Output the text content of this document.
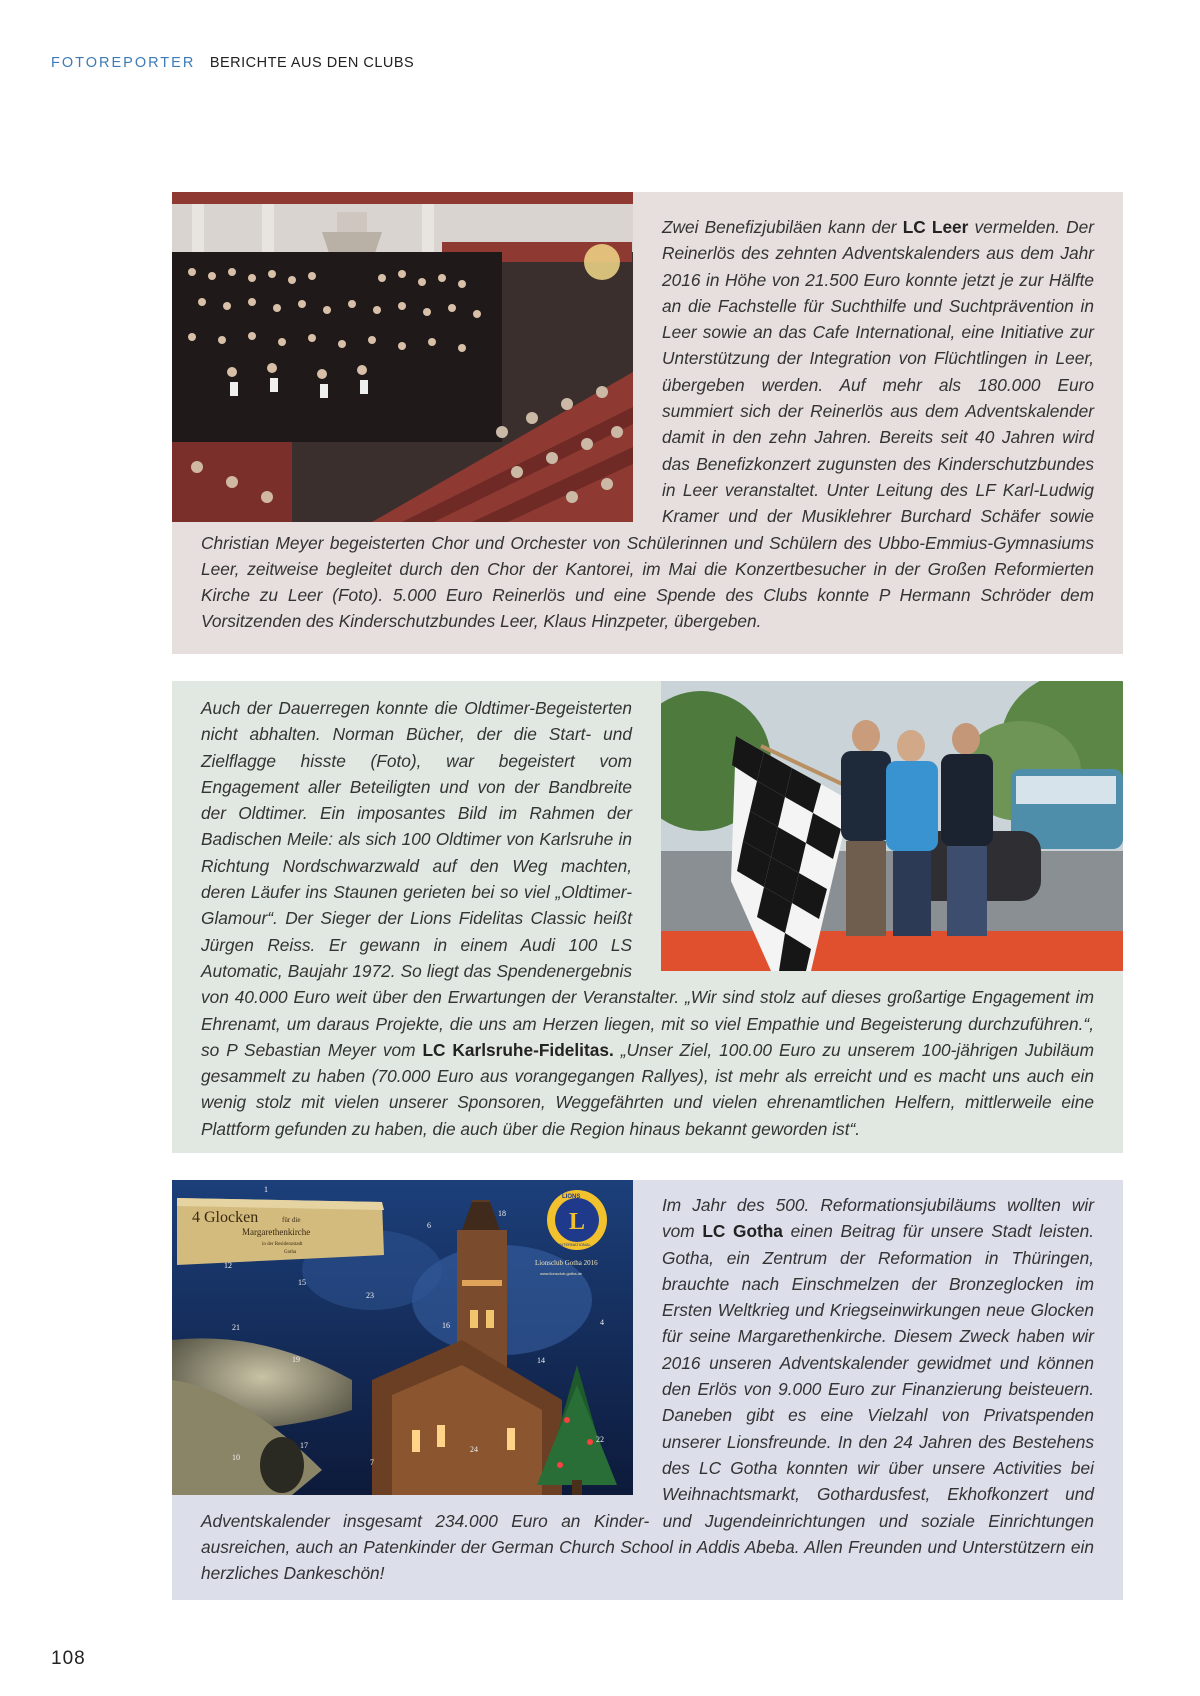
FOTOREPORTER BERICHTE AUS DEN CLUBS

Zwei Benefizjubiläen kann der LC Leer vermelden. Der Reinerlös des zehnten Adventskalenders aus dem Jahr 2016 in Höhe von 21.500 Euro konnte jetzt je zur Hälfte an die Fachstelle für Suchthilfe und Suchtprävention in Leer sowie an das Cafe International, eine Initiative zur Unterstützung der Integration von Flüchtlingen in Leer, übergeben werden. Auf mehr als 180.000 Euro summiert sich der Reinerlös aus dem Adventskalender damit in den zehn Jahren. Bereits seit 40 Jahren wird das Benefizkonzert zugunsten des Kinderschutzbundes in Leer veranstaltet. Unter Leitung des LF Karl-Ludwig Kramer und der Musiklehrer Burchard Schäfer sowie Christian Meyer begeisterten Chor und Orchester von Schülerinnen und Schülern des Ubbo-Emmius-Gymnasiums Leer, zeitweise begleitet durch den Chor der Kantorei, im Mai die Konzertbesucher in der Großen Reformierten Kirche zu Leer (Foto). 5.000 Euro Reinerlös und eine Spende des Clubs konnte P Hermann Schröder dem Vorsitzenden des Kinderschutzbundes Leer, Klaus Hinzpeter, übergeben.

Auch der Dauerregen konnte die Oldtimer-Begeisterten nicht abhalten. Norman Bücher, der die Start- und Zielflagge hisste (Foto), war begeistert vom Engagement aller Beteiligten und von der Bandbreite der Oldtimer. Ein imposantes Bild im Rahmen der Badischen Meile: als sich 100 Oldtimer von Karlsruhe in Richtung Nordschwarzwald auf den Weg machten, deren Läufer ins Staunen gerieten bei so viel „Oldtimer-Glamour“. Der Sieger der Lions Fidelitas Classic heißt Jürgen Reiss. Er gewann in einem Audi 100 LS Automatic, Baujahr 1972. So liegt das Spendenergebnis von 40.000 Euro weit über den Erwartungen der Veranstalter. „Wir sind stolz auf dieses großartige Engagement im Ehrenamt, um daraus Projekte, die uns am Herzen liegen, mit so viel Empathie und Begeisterung durchzuführen.“, so P Sebastian Meyer vom LC Karlsruhe-Fidelitas. „Unser Ziel, 100.00 Euro zu unserem 100-jährigen Jubiläum gesammelt zu haben (70.000 Euro aus vorangegangen Rallyes), ist mehr als erreicht und es macht uns auch ein wenig stolz mit vielen unserer Sponsoren, Weggefährten und vielen ehrenamtlichen Helfern, mittlerweile eine Plattform gefunden zu haben, die auch über die Region hinaus bekannt geworden ist“.

4 Glocken	für die
Margarethenkirche
in der Residenzstadt
Gotha
L
LIONS
INTERNATIONAL
Lionsclub Gotha 2016
www.lionsclub-gotha.de
1
6
18
12
15
23
21
19
16	4
14
17
10
7
22
24

Im Jahr des 500. Reformationsjubiläums wollten wir vom LC Gotha einen Beitrag für unsere Stadt leisten. Gotha, ein Zentrum der Reformation in Thüringen, brauchte nach Einschmelzen der Bronzeglocken im Ersten Weltkrieg und Kriegseinwirkungen neue Glocken für seine Margarethenkirche. Diesem Zweck haben wir 2016 unseren Adventskalender gewidmet und können den Erlös von 9.000 Euro zur Finanzierung beisteuern. Daneben gibt es eine Vielzahl von Privatspenden unserer Lionsfreunde. In den 24 Jahren des Bestehens des LC Gotha konnten wir über unsere Activities bei Weihnachtsmarkt, Gothardusfest, Ekhofkonzert und Adventskalender insgesamt 234.000 Euro an Kinder- und Jugendeinrichtungen und soziale Einrichtungen ausreichen, auch an Patenkinder der German Church School in Addis Abeba. Allen Freunden und Unterstützern ein herzliches Dankeschön!

108
